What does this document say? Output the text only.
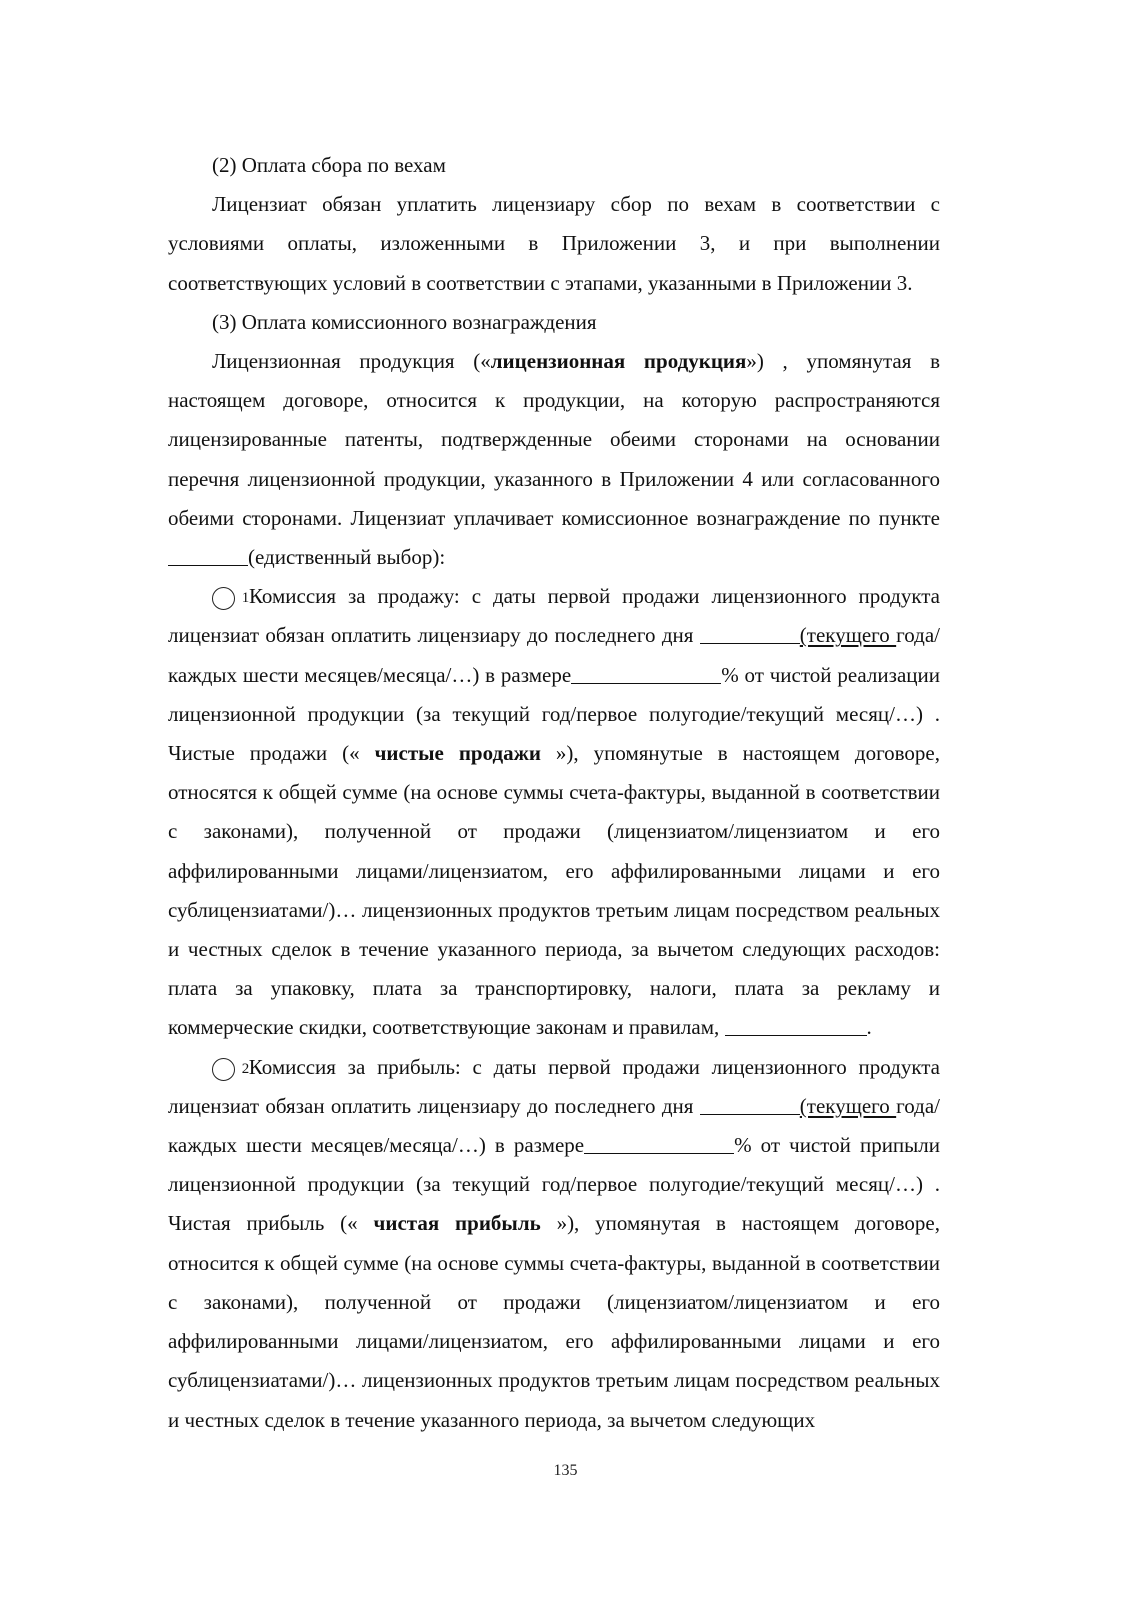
(2) Оплата сбора по вехам

Лицензиат обязан уплатить лицензиару сбор по вехам в соответствии с условиями оплаты, изложенными в Приложении 3, и при выполнении соответствующих условий в соответствии с этапами, указанными в Приложении 3.

(3) Оплата комиссионного вознаграждения

Лицензионная продукция («лицензионная продукция») , упомянутая в настоящем договоре, относится к продукции, на которую распространяются лицензированные патенты, подтвержденные обеими сторонами на основании перечня лицензионной продукции, указанного в Приложении 4 или согласованного обеими сторонами. Лицензиат уплачивает комиссионное вознаграждение по пункте (едиственный выбор):

1 Комиссия за продажу: с даты первой продажи лицензионного продукта лицензиат обязан оплатить лицензиару до последнего дня	(текущего года/каждых шести месяцев/месяца/…) в размере	% от чистой реализации лицензионной продукции (за текущий год/первое полугодие/текущий месяц/…) . Чистые продажи (« чистые продажи »), упомянутые в настоящем договоре, относятся к общей сумме (на основе суммы счета-фактуры, выданной в соответствии с законами), полученной от продажи (лицензиатом/лицензиатом и его аффилированными лицами/лицензиатом, его аффилированными лицами и его сублицензиатами/)… лицензионных продуктов третьим лицам посредством реальных и честных сделок в течение указанного периода, за вычетом следующих расходов: плата за упаковку, плата за транспортировку, налоги, плата за рекламу и коммерческие скидки, соответствующие законам и правилам,	.

2 Комиссия за прибыль: с даты первой продажи лицензионного продукта лицензиат обязан оплатить лицензиару до последнего дня	(текущего года/каждых шести месяцев/месяца/…) в размере	% от чистой припыли лицензионной продукции (за текущий год/первое полугодие/текущий месяц/…) . Чистая прибыль (« чистая прибыль »), упомянутая в настоящем договоре, относится к общей сумме (на основе суммы счета-фактуры, выданной в соответствии с законами), полученной от продажи (лицензиатом/лицензиатом и его аффилированными лицами/лицензиатом, его аффилированными лицами и его сублицензиатами/)… лицензионных продуктов третьим лицам посредством реальных и честных сделок в течение указанного периода, за вычетом следующих

135
